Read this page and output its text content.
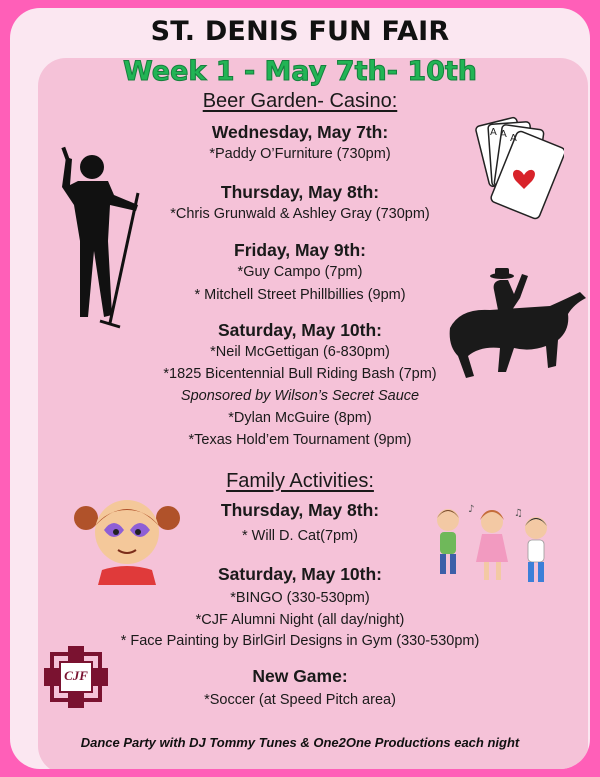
ST. DENIS FUN FAIR
Week 1 - May 7th- 10th

Beer Garden- Casino:

Wednesday, May 7th:

*Paddy O’Furniture (730pm)

Thursday, May 8th:

*Chris Grunwald & Ashley Gray (730pm)

Friday, May 9th:

*Guy Campo (7pm)

* Mitchell Street Phillbillies (9pm)

Saturday, May 10th:

*Neil McGettigan (6-830pm)

*1825 Bicentennial Bull Riding Bash (7pm)

Sponsored by Wilson’s Secret Sauce

*Dylan McGuire (8pm)

*Texas Hold’em Tournament (9pm)

Family Activities:

Thursday, May 8th:

* Will D. Cat(7pm)

Saturday, May 10th:

*BINGO (330-530pm)

*CJF Alumni Night (all day/night)

* Face Painting by BirlGirl Designs in Gym (330-530pm)

New Game:

*Soccer (at Speed Pitch area)

Dance Party with DJ Tommy Tunes & One2One Productions each night
A A A
♪	♫
CJF
